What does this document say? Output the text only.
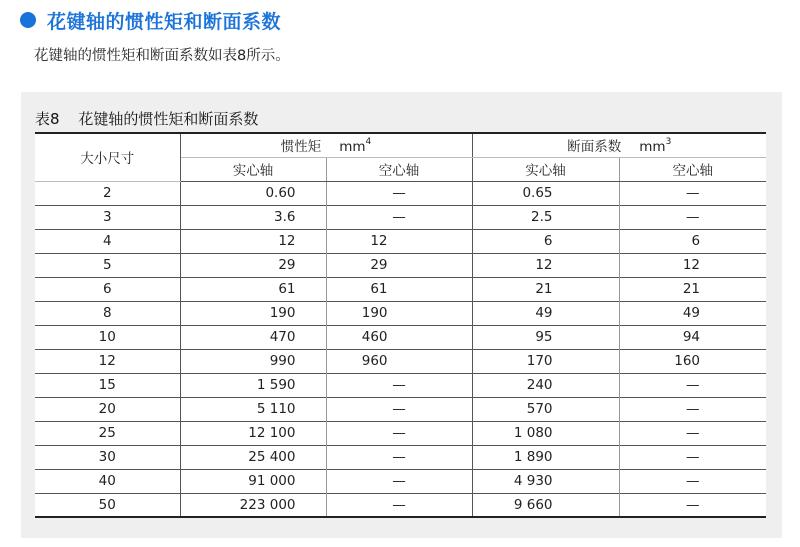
花键轴的惯性矩和断面系数
花键轴的惯性矩和断面系数如表8所示。
表8 花键轴的惯性矩和断面系数
大小尺寸	惯性矩 $mm^4$		断面系数 $mm^3$
	实心轴	空心轴	实心轴	空心轴
2	0.60	—	0.65	—
3	3.6	—	2.5	—
4	12	12	6	6
5	29	29	12	12
6	61	61	21	21
8	190	190	49	49
10	470	460	95	94
12	990	960	170	160
15	1 590	—	240	—
20	5 110	—	570	—
25	12 100	—	1 080	—
30	25 400	—	1 890	—
40	91 000	—	4 930	—
50	223 000	—	9 660	—
